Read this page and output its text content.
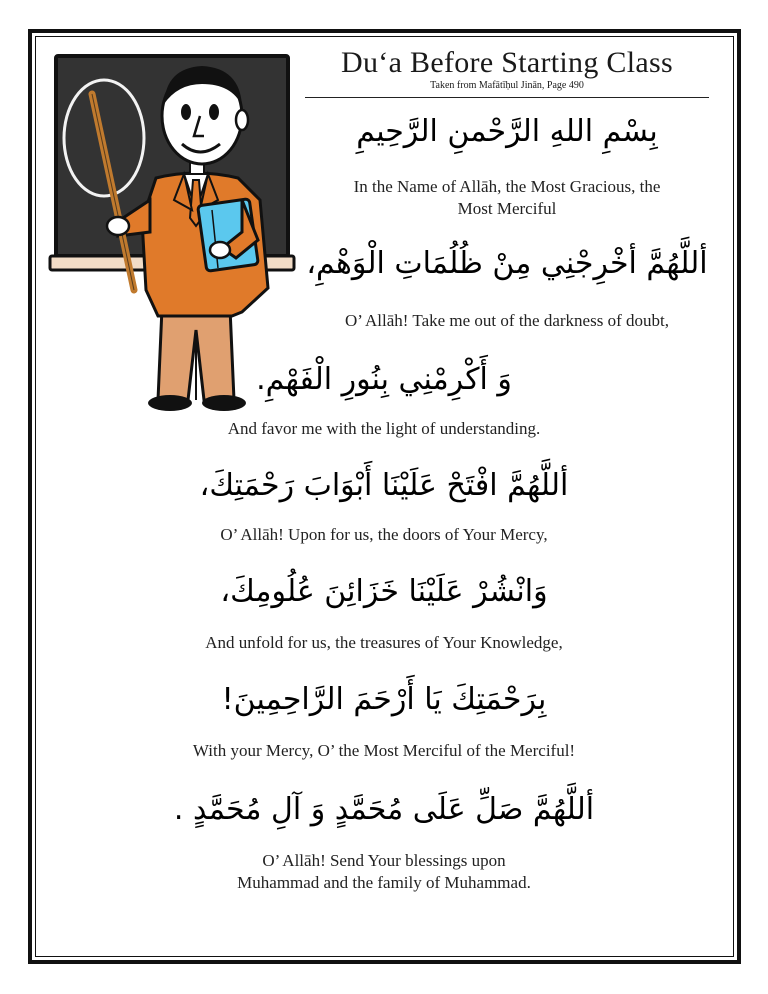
Du‘a Before Starting Class
Taken from Mafātīḥul Jinān, Page 490
بِسْمِ اللهِ الرَّحْمنِ الرَّحِيمِ
In the Name of Allāh, the Most Gracious, the
Most Merciful
أللَّهُمَّ أخْرِجْنِي مِنْ ظُلُمَاتِ الْوَهْمِ،
O’ Allāh! Take me out of the darkness of doubt,
وَ أَكْرِمْنِي بِنُورِ الْفَهْمِ.
And favor me with the light of understanding.
أللَّهُمَّ افْتَحْ عَلَيْنَا أَبْوَابَ رَحْمَتِكَ،
O’ Allāh! Upon for us, the doors of Your Mercy,
وَانْشُرْ عَلَيْنَا خَزَائِنَ عُلُومِكَ،
And unfold for us, the treasures of Your Knowledge,
بِرَحْمَتِكَ يَا أَرْحَمَ الرَّاحِمِينَ!
With your Mercy, O’ the Most Merciful of the Merciful!
أللَّهُمَّ صَلِّ عَلَى مُحَمَّدٍ وَ آلِ مُحَمَّدٍ .
O’ Allāh! Send Your blessings upon
Muhammad and the family of Muhammad.
